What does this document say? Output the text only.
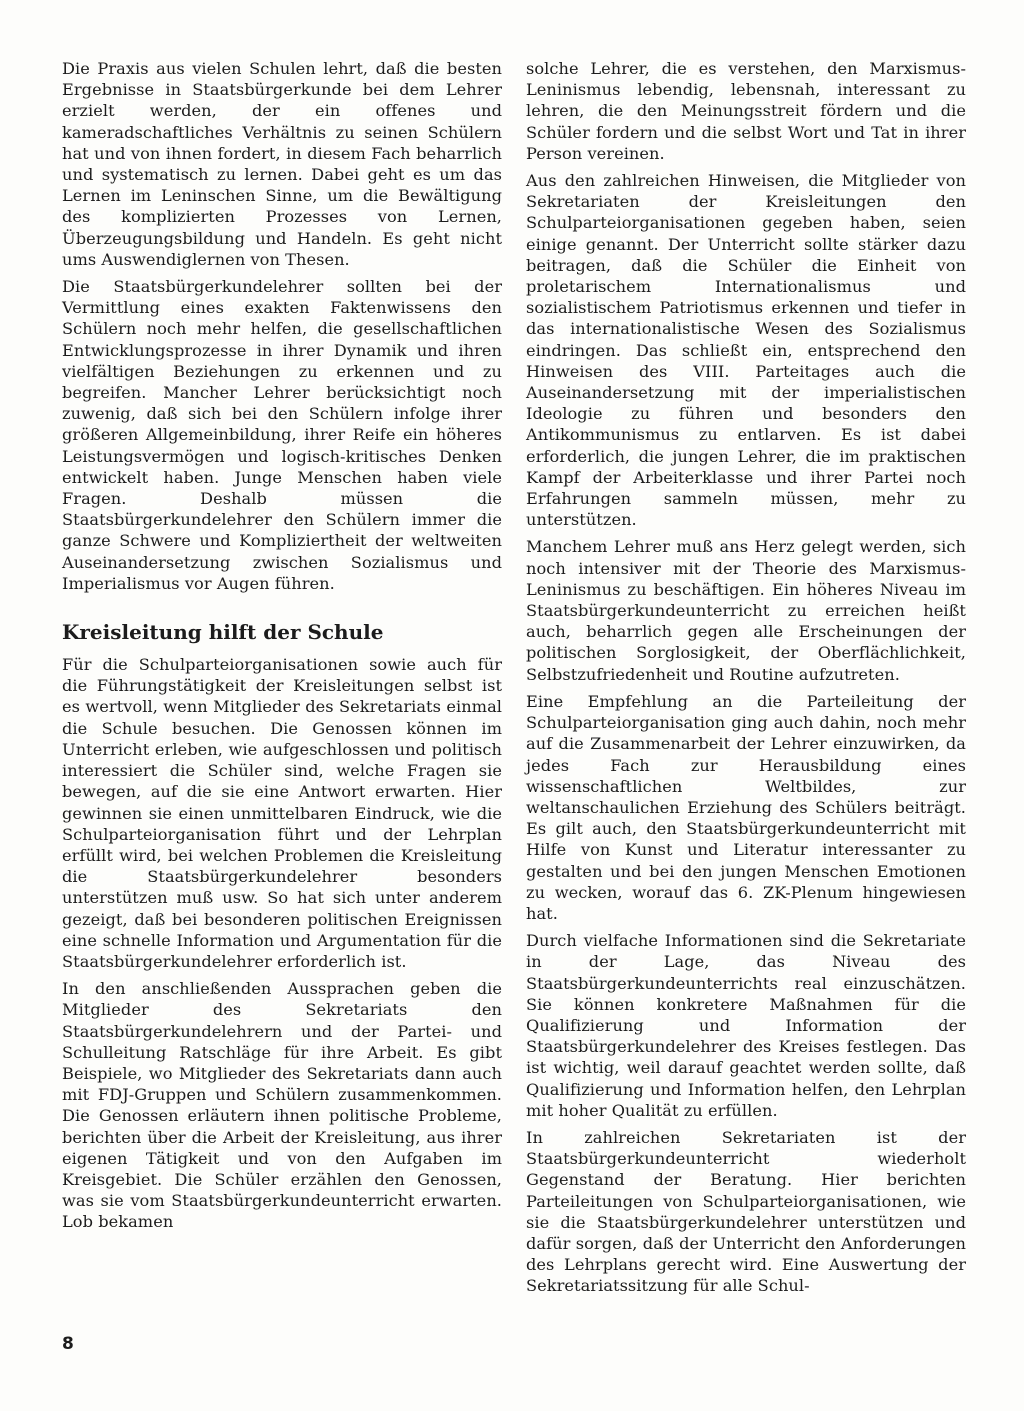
Die Praxis aus vielen Schulen lehrt, daß die besten Ergebnisse in Staatsbürgerkunde bei dem Lehrer erzielt werden, der ein offenes und kameradschaftliches Verhältnis zu seinen Schülern hat und von ihnen fordert, in diesem Fach beharrlich und systematisch zu lernen. Dabei geht es um das Lernen im Leninschen Sinne, um die Bewältigung des komplizierten Prozesses von Lernen, Überzeugungsbildung und Handeln. Es geht nicht ums Auswendiglernen von Thesen.

Die Staatsbürgerkundelehrer sollten bei der Vermittlung eines exakten Faktenwissens den Schülern noch mehr helfen, die gesellschaftlichen Entwicklungsprozesse in ihrer Dynamik und ihren vielfältigen Beziehungen zu erkennen und zu begreifen. Mancher Lehrer berücksichtigt noch zuwenig, daß sich bei den Schülern infolge ihrer größeren Allgemeinbildung, ihrer Reife ein höheres Leistungsvermögen und logisch-kritisches Denken entwickelt haben. Junge Menschen haben viele Fragen. Deshalb müssen die Staatsbürgerkundelehrer den Schülern immer die ganze Schwere und Kompliziertheit der weltweiten Auseinandersetzung zwischen Sozialismus und Imperialismus vor Augen führen.

Kreisleitung hilft der Schule

Für die Schulparteiorganisationen sowie auch für die Führungstätigkeit der Kreisleitungen selbst ist es wertvoll, wenn Mitglieder des Sekretariats einmal die Schule besuchen. Die Genossen können im Unterricht erleben, wie aufgeschlossen und politisch interessiert die Schüler sind, welche Fragen sie bewegen, auf die sie eine Antwort erwarten. Hier gewinnen sie einen unmittelbaren Eindruck, wie die Schulparteiorganisation führt und der Lehrplan erfüllt wird, bei welchen Problemen die Kreisleitung die Staatsbürgerkundelehrer besonders unterstützen muß usw. So hat sich unter anderem gezeigt, daß bei besonderen politischen Ereignissen eine schnelle Information und Argumentation für die Staatsbürgerkundelehrer erforderlich ist.

In den anschließenden Aussprachen geben die Mitglieder des Sekretariats den Staatsbürgerkundelehrern und der Partei- und Schulleitung Ratschläge für ihre Arbeit. Es gibt Beispiele, wo Mitglieder des Sekretariats dann auch mit FDJ-Gruppen und Schülern zusammenkommen. Die Genossen erläutern ihnen politische Probleme, berichten über die Arbeit der Kreisleitung, aus ihrer eigenen Tätigkeit und von den Aufgaben im Kreisgebiet. Die Schüler erzählen den Genossen, was sie vom Staatsbürgerkundeunterricht erwarten. Lob bekamen

solche Lehrer, die es verstehen, den Marxismus-Leninismus lebendig, lebensnah, interessant zu lehren, die den Meinungsstreit fördern und die Schüler fordern und die selbst Wort und Tat in ihrer Person vereinen.

Aus den zahlreichen Hinweisen, die Mitglieder von Sekretariaten der Kreisleitungen den Schulparteiorganisationen gegeben haben, seien einige genannt. Der Unterricht sollte stärker dazu beitragen, daß die Schüler die Einheit von proletarischem Internationalismus und sozialistischem Patriotismus erkennen und tiefer in das internationalistische Wesen des Sozialismus eindringen. Das schließt ein, entsprechend den Hinweisen des VIII. Parteitages auch die Auseinandersetzung mit der imperialistischen Ideologie zu führen und besonders den Antikommunismus zu entlarven. Es ist dabei erforderlich, die jungen Lehrer, die im praktischen Kampf der Arbeiterklasse und ihrer Partei noch Erfahrungen sammeln müssen, mehr zu unterstützen.

Manchem Lehrer muß ans Herz gelegt werden, sich noch intensiver mit der Theorie des Marxismus-Leninismus zu beschäftigen. Ein höheres Niveau im Staatsbürgerkundeunterricht zu erreichen heißt auch, beharrlich gegen alle Erscheinungen der politischen Sorglosigkeit, der Oberflächlichkeit, Selbstzufriedenheit und Routine aufzutreten.

Eine Empfehlung an die Parteileitung der Schulparteiorganisation ging auch dahin, noch mehr auf die Zusammenarbeit der Lehrer einzuwirken, da jedes Fach zur Herausbildung eines wissenschaftlichen Weltbildes, zur weltanschaulichen Erziehung des Schülers beiträgt. Es gilt auch, den Staatsbürgerkundeunterricht mit Hilfe von Kunst und Literatur interessanter zu gestalten und bei den jungen Menschen Emotionen zu wecken, worauf das 6. ZK-Plenum hingewiesen hat.

Durch vielfache Informationen sind die Sekretariate in der Lage, das Niveau des Staatsbürgerkundeunterrichts real einzuschätzen. Sie können konkretere Maßnahmen für die Qualifizierung und Information der Staatsbürgerkundelehrer des Kreises festlegen. Das ist wichtig, weil darauf geachtet werden sollte, daß Qualifizierung und Information helfen, den Lehrplan mit hoher Qualität zu erfüllen.

In zahlreichen Sekretariaten ist der Staatsbürgerkundeunterricht wiederholt Gegenstand der Beratung. Hier berichten Parteileitungen von Schulparteiorganisationen, wie sie die Staatsbürgerkundelehrer unterstützen und dafür sorgen, daß der Unterricht den Anforderungen des Lehrplans gerecht wird. Eine Auswertung der Sekretariatssitzung für alle Schul-

8
